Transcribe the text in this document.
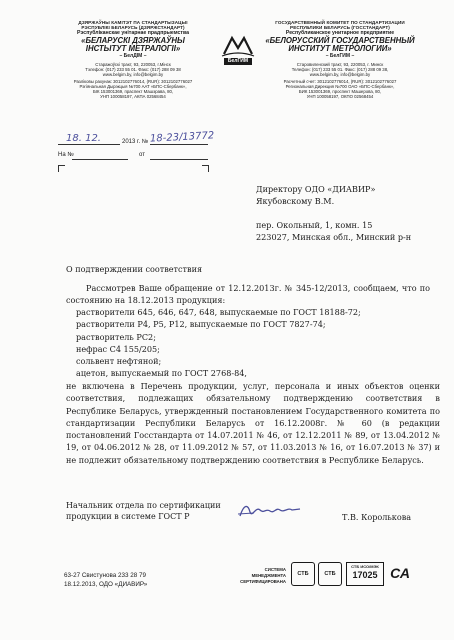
ДЗЯРЖАЎНЫ КАМІТЭТ ПА СТАНДАРТЫЗАЦЫІ
РЭСПУБЛІКІ БЕЛАРУСЬ (ДЗЯРЖСТАНДАРТ)
Рэспубліканскае унітарнае прадпрыемства
«БЕЛАРУСКІ ДЗЯРЖАЎНЫ
ІНСТЫТУТ МЕТРАЛОГІІ»
– БелДІМ –
Старажоўскі тракт, 93, 220053, г.Мінск
Тэлефон: (017) 233 55 01. Факс: (017) 288 09 38
www.belgim.by, info@belgim.by
Разліковы рахунак: 3012102776014, (RUR): 3012102776027
Рэгіянальная Дырэкцыя №700 ААТ «БПС-Сбербанк»,
БІК 153001369, праспект Машэрава, 80,
УНП 100058197, АКПА 02568454
БелГИМ
ГОСУДАРСТВЕННЫЙ КОМИТЕТ ПО СТАНДАРТИЗАЦИИ
РЕСПУБЛИКИ БЕЛАРУСЬ (ГОССТАНДАРТ)
Республиканское унитарное предприятие
«БЕЛОРУССКИЙ ГОСУДАРСТВЕННЫЙ
ИНСТИТУТ МЕТРОЛОГИИ»
– БелГИМ –
Старовиленский тракт, 93, 220053, г. Минск
Телефон: (017) 233 55 01. Факс: (017) 288 09 38,
www.belgim.by, info@belgim.by
Расчетный счет: 3012102776014, (RUR): 3012102776027
Региональная Дирекция №700 ОАО «БПС-Сбербанк»,
БИК 153001369, проспект Машерова, 80,
УНП 100058197, ОКПО 02568454
18. 12.	2013 г. № 18-23/13772
На №	от
Директору ОДО «ДИАВИР»
Якубовскому В.М.
пер. Окольный, 1, комн. 15
223027, Минская обл., Минский р-н
О подтверждении соответствия
Рассмотрев Ваше обращение от 12.12.2013г. № 345-12/2013, сообщаем, что по состоянию на 18.12.2013 продукция:
растворители 645, 646, 647, 648, выпускаемые по ГОСТ 18188-72;
растворители Р4, Р5, Р12, выпускаемые по ГОСТ 7827-74;
растворитель РС2;
нефрас С4 155/205;
сольвент нефтяной;
ацетон, выпускаемый по ГОСТ 2768-84,
не включена в Перечень продукции, услуг, персонала и иных объектов оценки соответствия, подлежащих обязательному подтверждению соответствия в Республике Беларусь, утвержденный постановлением Государственного комитета по стандартизации Республики Беларусь от 16.12.2008г. № 60 (в редакции постановлений Госстандарта от 14.07.2011 № 46, от 12.12.2011 № 89, от 13.04.2012 № 19, от 04.06.2012 № 28, от 11.09.2012 № 57, от 11.03.2013 № 16, от 16.07.2013 № 37) и не подлежит обязательному подтверждению соответствия в Республике Беларусь.
Начальник отдела по сертификации
продукции в системе ГОСТ Р	Т.В. Королькова
63-27 Свистунова 233 28 79
18.12.2013, ОДО «ДИАВИР»
СИСТЕМА МЕНЕДЖМЕНТА
СЕРТИФИЦИРОВАНА
СТБ	СТБ
СТБ ИСО/МЭК
17025 СА
